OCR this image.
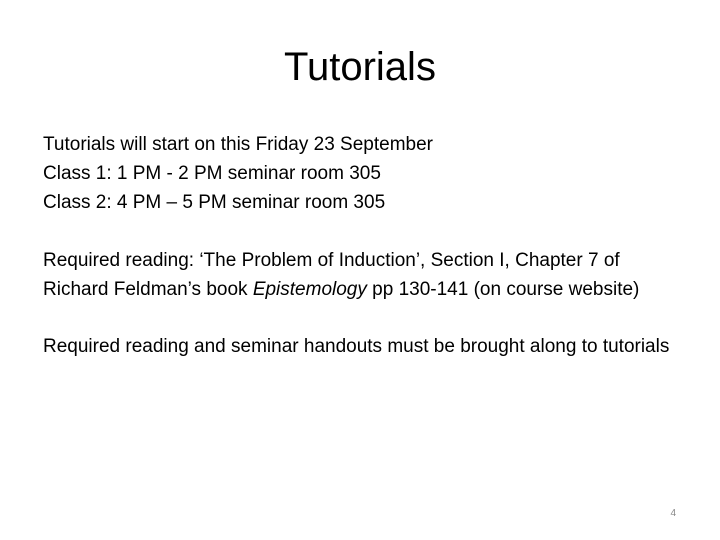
Tutorials

Tutorials will start on this Friday 23 September

Class 1: 1 PM - 2 PM seminar room 305

Class 2: 4 PM – 5 PM seminar room 305

Required reading: ‘The Problem of Induction’, Section I, Chapter 7 of Richard Feldman’s book Epistemology pp 130-141 (on course website)

Required reading and seminar handouts must be brought along to tutorials

4
